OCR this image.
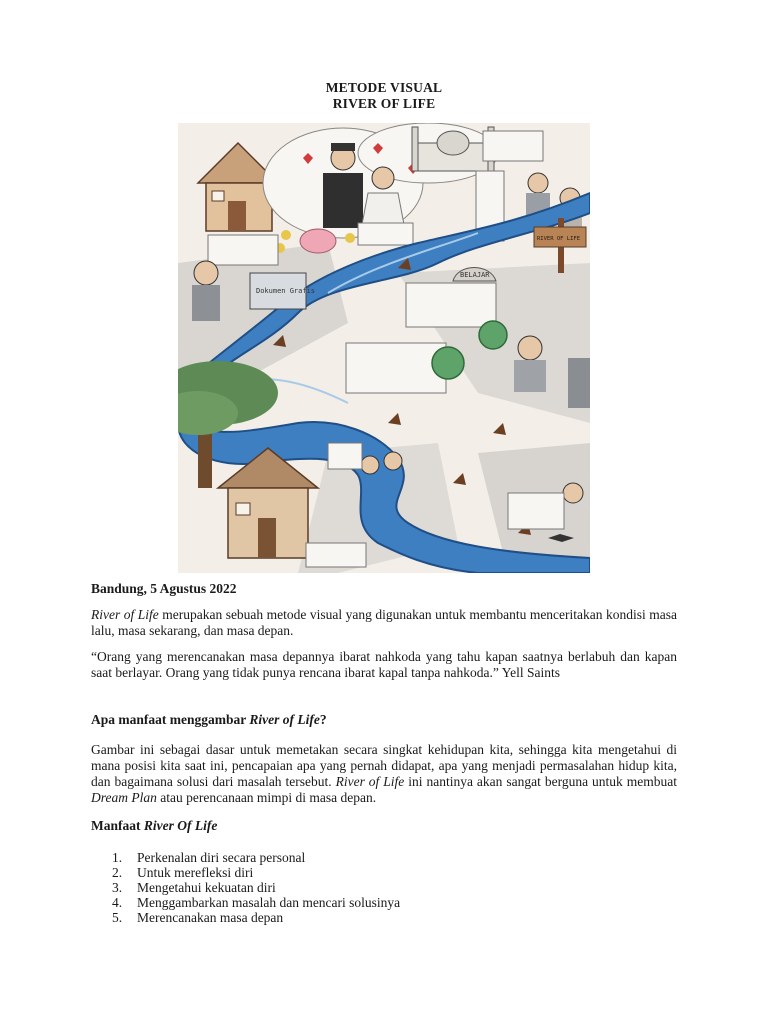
METODE VISUAL
RIVER OF LIFE
Dokumen Grafis
BELAJAR
RIVER OF LIFE
Bandung, 5 Agustus 2022
River of Life merupakan sebuah metode visual yang digunakan untuk membantu menceritakan kondisi masa lalu, masa sekarang, dan masa depan.
“Orang yang merencanakan masa depannya ibarat nahkoda yang tahu kapan saatnya berlabuh dan kapan saat berlayar. Orang yang tidak punya rencana ibarat kapal tanpa nahkoda.” Yell Saints
Apa manfaat menggambar River of Life?
Gambar ini sebagai dasar untuk memetakan secara singkat kehidupan kita, sehingga kita mengetahui di mana posisi kita saat ini, pencapaian apa yang pernah didapat, apa yang menjadi permasalahan hidup kita, dan bagaimana solusi dari masalah tersebut. River of Life ini nantinya akan sangat berguna untuk membuat Dream Plan atau perencanaan mimpi di masa depan.
Manfaat River Of Life
1. Perkenalan diri secara personal
2. Untuk merefleksi diri
3. Mengetahui kekuatan diri
4. Menggambarkan masalah dan mencari solusinya
5. Merencanakan masa depan
